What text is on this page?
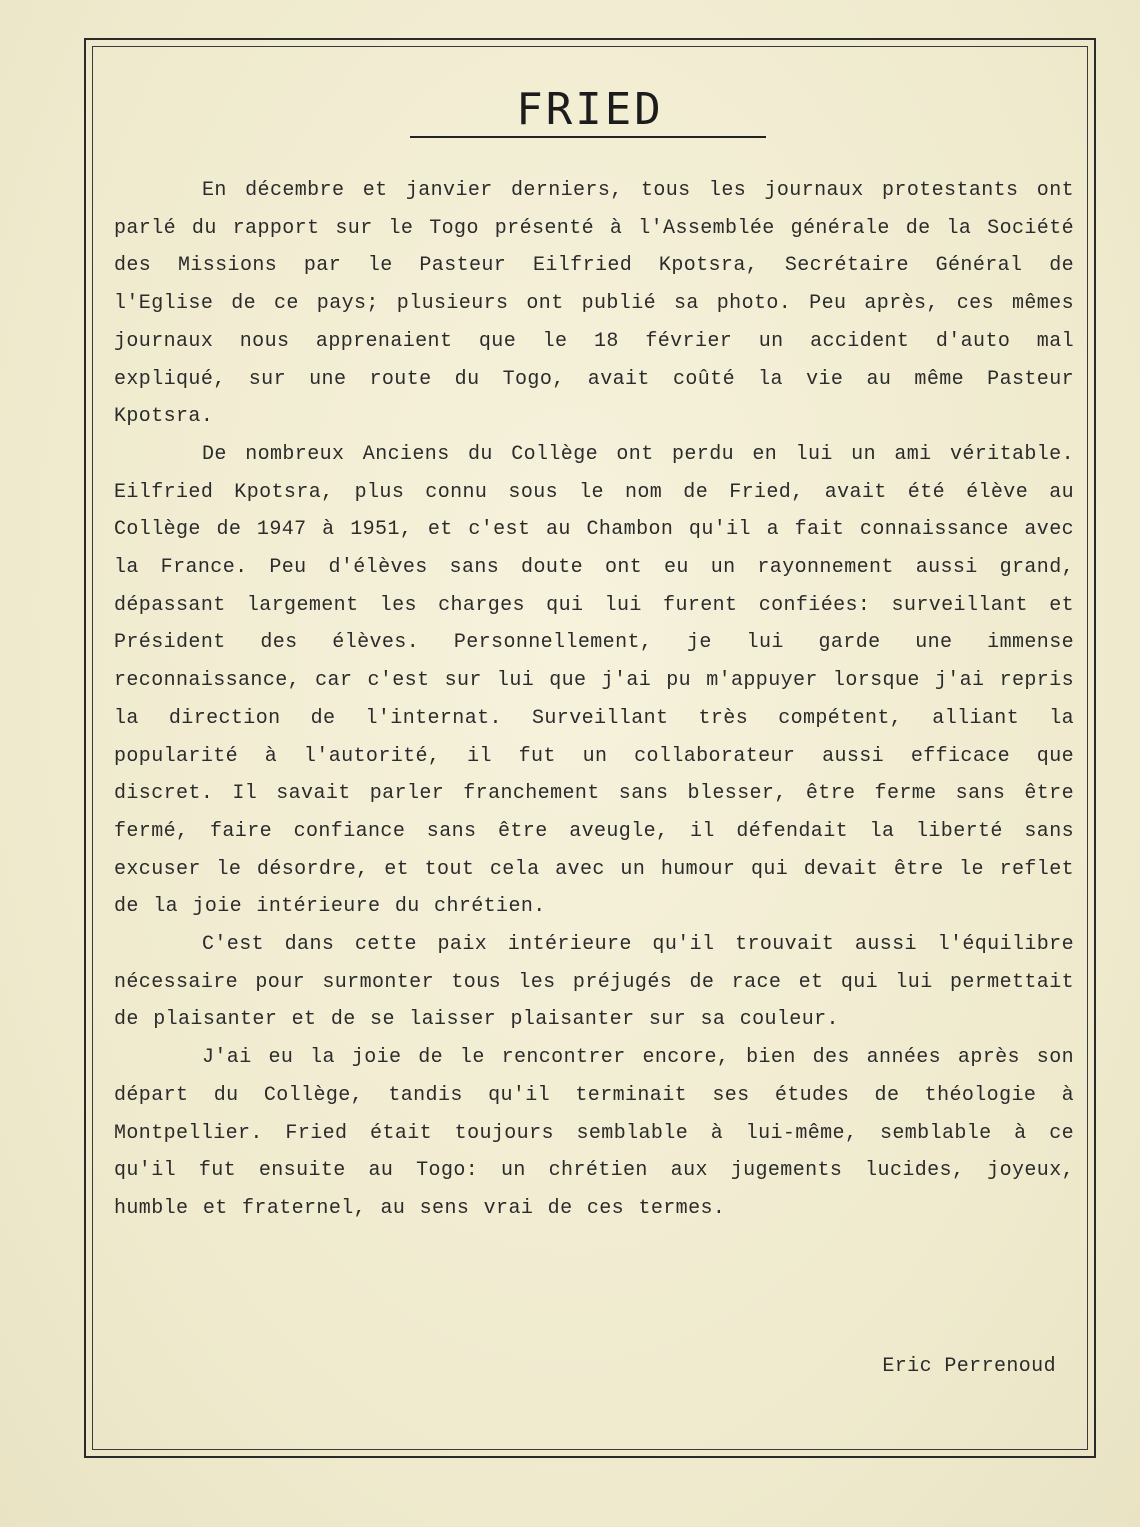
FRIED

En décembre et janvier derniers, tous les journaux protestants ont parlé du rapport sur le Togo présenté à l'Assemblée générale de la Société des Missions par le Pasteur Eilfried Kpotsra, Secrétaire Général de l'Eglise de ce pays; plusieurs ont publié sa photo. Peu après, ces mêmes journaux nous apprenaient que le 18 février un accident d'auto mal expliqué, sur une route du Togo, avait coûté la vie au même Pasteur Kpotsra.

De nombreux Anciens du Collège ont perdu en lui un ami véritable. Eilfried Kpotsra, plus connu sous le nom de Fried, avait été élève au Collège de 1947 à 1951, et c'est au Chambon qu'il a fait connaissance avec la France. Peu d'élèves sans doute ont eu un rayonnement aussi grand, dépassant largement les charges qui lui furent confiées: surveillant et Président des élèves. Personnellement, je lui garde une immense reconnaissance, car c'est sur lui que j'ai pu m'appuyer lorsque j'ai repris la direction de l'internat. Surveillant très compétent, alliant la popularité à l'autorité, il fut un collaborateur aussi efficace que discret. Il savait parler franchement sans blesser, être ferme sans être fermé, faire confiance sans être aveugle, il défendait la liberté sans excuser le désordre, et tout cela avec un humour qui devait être le reflet de la joie intérieure du chrétien.

C'est dans cette paix intérieure qu'il trouvait aussi l'équilibre nécessaire pour surmonter tous les préjugés de race et qui lui permettait de plaisanter et de se laisser plaisanter sur sa couleur.

J'ai eu la joie de le rencontrer encore, bien des années après son départ du Collège, tandis qu'il terminait ses études de théologie à Montpellier. Fried était toujours semblable à lui-même, semblable à ce qu'il fut ensuite au Togo: un chrétien aux jugements lucides, joyeux, humble et fraternel, au sens vrai de ces termes.

Eric Perrenoud
